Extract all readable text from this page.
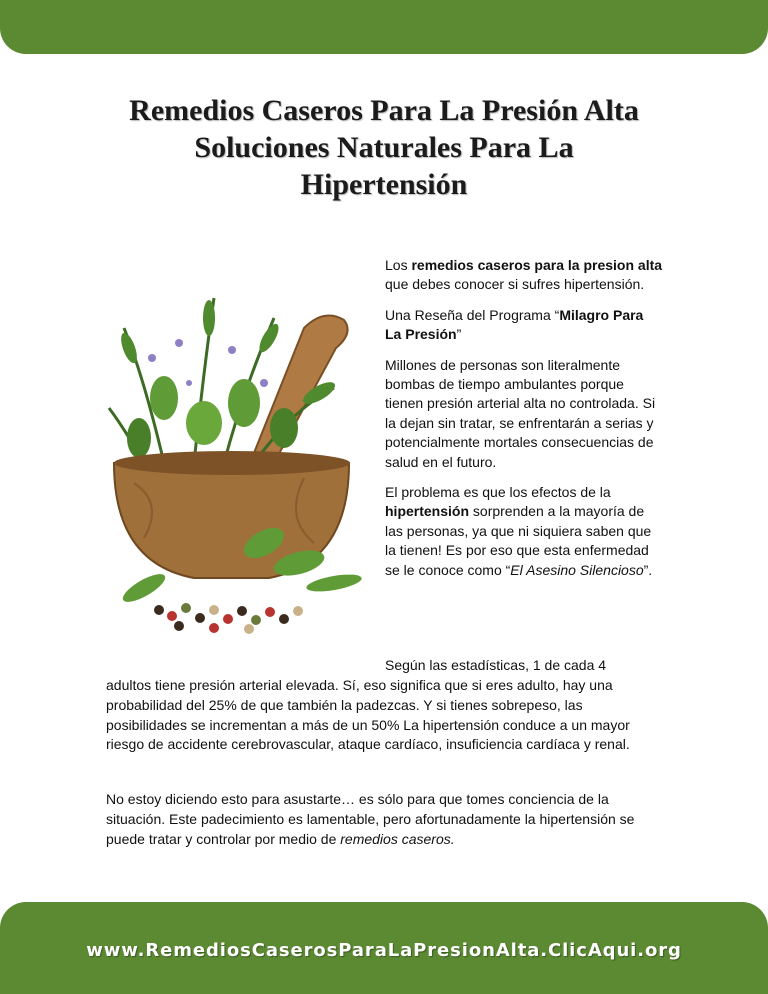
Remedios Caseros Para La Presión Alta
Soluciones Naturales Para La
Hipertensión

Los remedios caseros para la presion alta que debes conocer si sufres hipertensión.

Una Reseña del Programa “Milagro Para La Presión”

Millones de personas son literalmente bombas de tiempo ambulantes porque tienen presión arterial alta no controlada. Si la dejan sin tratar, se enfrentarán a serias y potencialmente mortales consecuencias de salud en el futuro.

El problema es que los efectos de la hipertensión sorprenden a la mayoría de las personas, ya que ni siquiera saben que la tienen! Es por eso que esta enfermedad se le conoce como “El Asesino Silencioso”.

Según las estadísticas, 1 de cada 4

adultos tiene presión arterial elevada. Sí, eso significa que si eres adulto, hay una probabilidad del 25% de que también la padezcas. Y si tienes sobrepeso, las posibilidades se incrementan a más de un 50% La hipertensión conduce a un mayor riesgo de accidente cerebrovascular, ataque cardíaco, insuficiencia cardíaca y renal.

No estoy diciendo esto para asustarte… es sólo para que tomes conciencia de la situación. Este padecimiento es lamentable, pero afortunadamente la hipertensión se puede tratar y controlar por medio de remedios caseros.

www.RemediosCaserosParaLaPresionAlta.ClicAqui.org
